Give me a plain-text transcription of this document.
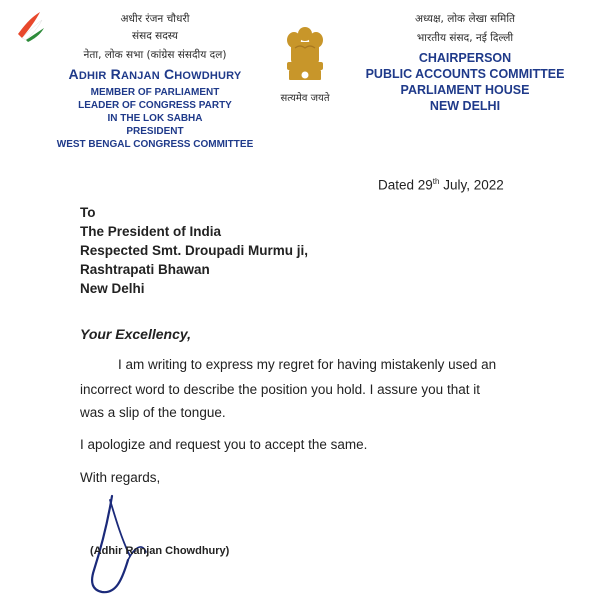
अधीर रंजन चौधरी
संसद सदस्य
नेता, लोक सभा (कांग्रेस संसदीय दल)
ADHIR RANJAN CHOWDHURY
MEMBER OF PARLIAMENT
LEADER OF CONGRESS PARTY
IN THE LOK SABHA
PRESIDENT
WEST BENGAL CONGRESS COMMITTEE
सत्यमेव जयते
अध्यक्ष, लोक लेखा समिति
भारतीय संसद, नई दिल्ली
CHAIRPERSON
PUBLIC ACCOUNTS COMMITTEE
PARLIAMENT HOUSE
NEW DELHI
Dated 29th July, 2022
To
The President of India
Respected Smt. Droupadi Murmu ji,
Rashtrapati Bhawan
New Delhi
Your Excellency,
I am writing to express my regret for having mistakenly used an
incorrect word to describe the position you hold. I assure you that it
was a slip of the tongue.
I apologize and request you to accept the same.
With regards,
(Adhir Ranjan Chowdhury)
